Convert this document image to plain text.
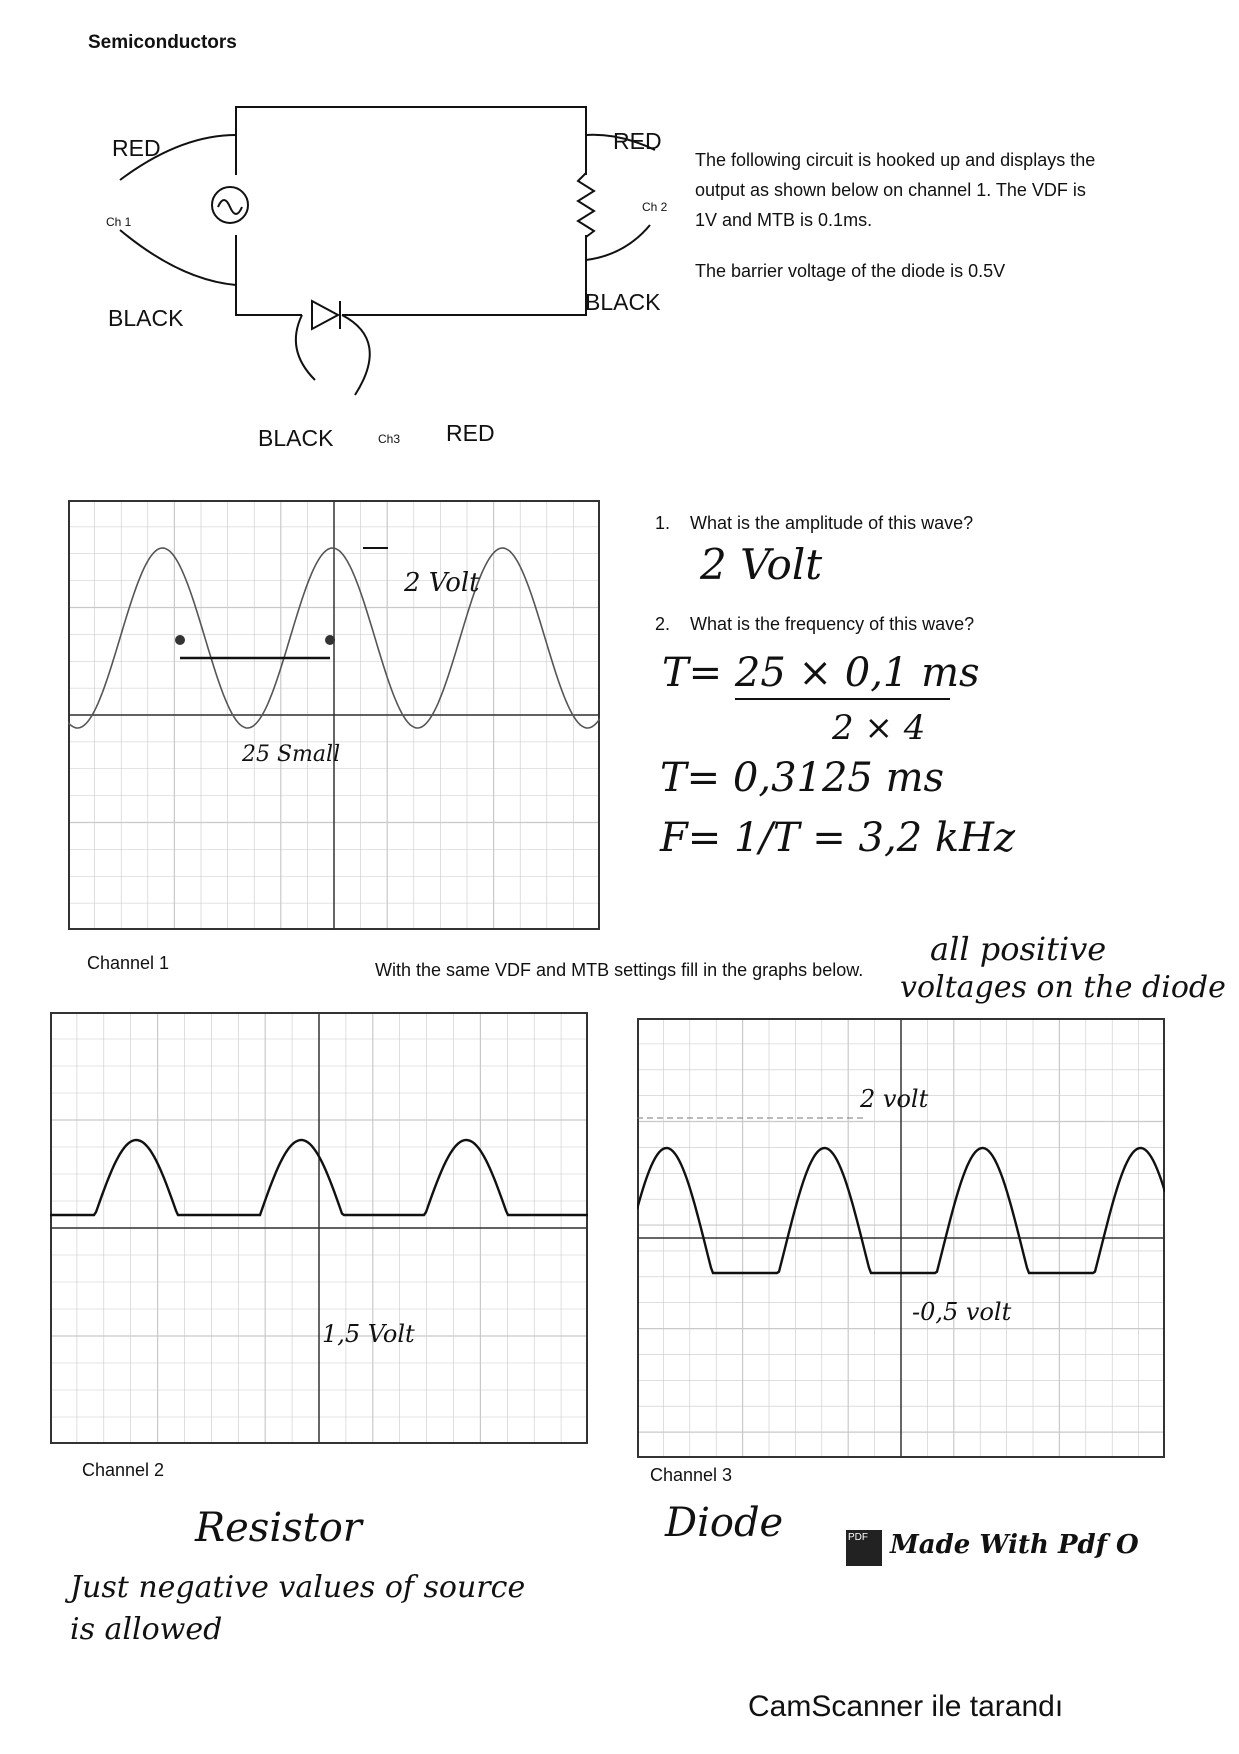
Semiconductors
RED	RED
Ch 1
Ch 2
BLACK
BLACK
BLACK	Ch3 RED
The following circuit is hooked up and displays the
output as shown below on channel 1. The VDF is
1V and MTB is 0.1ms.
The barrier voltage of the diode is 0.5V
2 Volt
25 Small
Channel 1
1. What is the amplitude of this wave?
2 Volt
2. What is the frequency of this wave?
T= 25 × 0,1 ms
2 × 4
T= 0,3125 ms
F= 1/T = 3,2 kHz
With the same VDF and MTB settings fill in the graphs below.
all positive
voltages on the diode
1,5 Volt
Channel 2
Resistor
Just negative values of source
is allowed
2 volt
-0,5 volt
Channel 3
Diode	PDF Made With Pdf O
CamScanner ile tarandı
